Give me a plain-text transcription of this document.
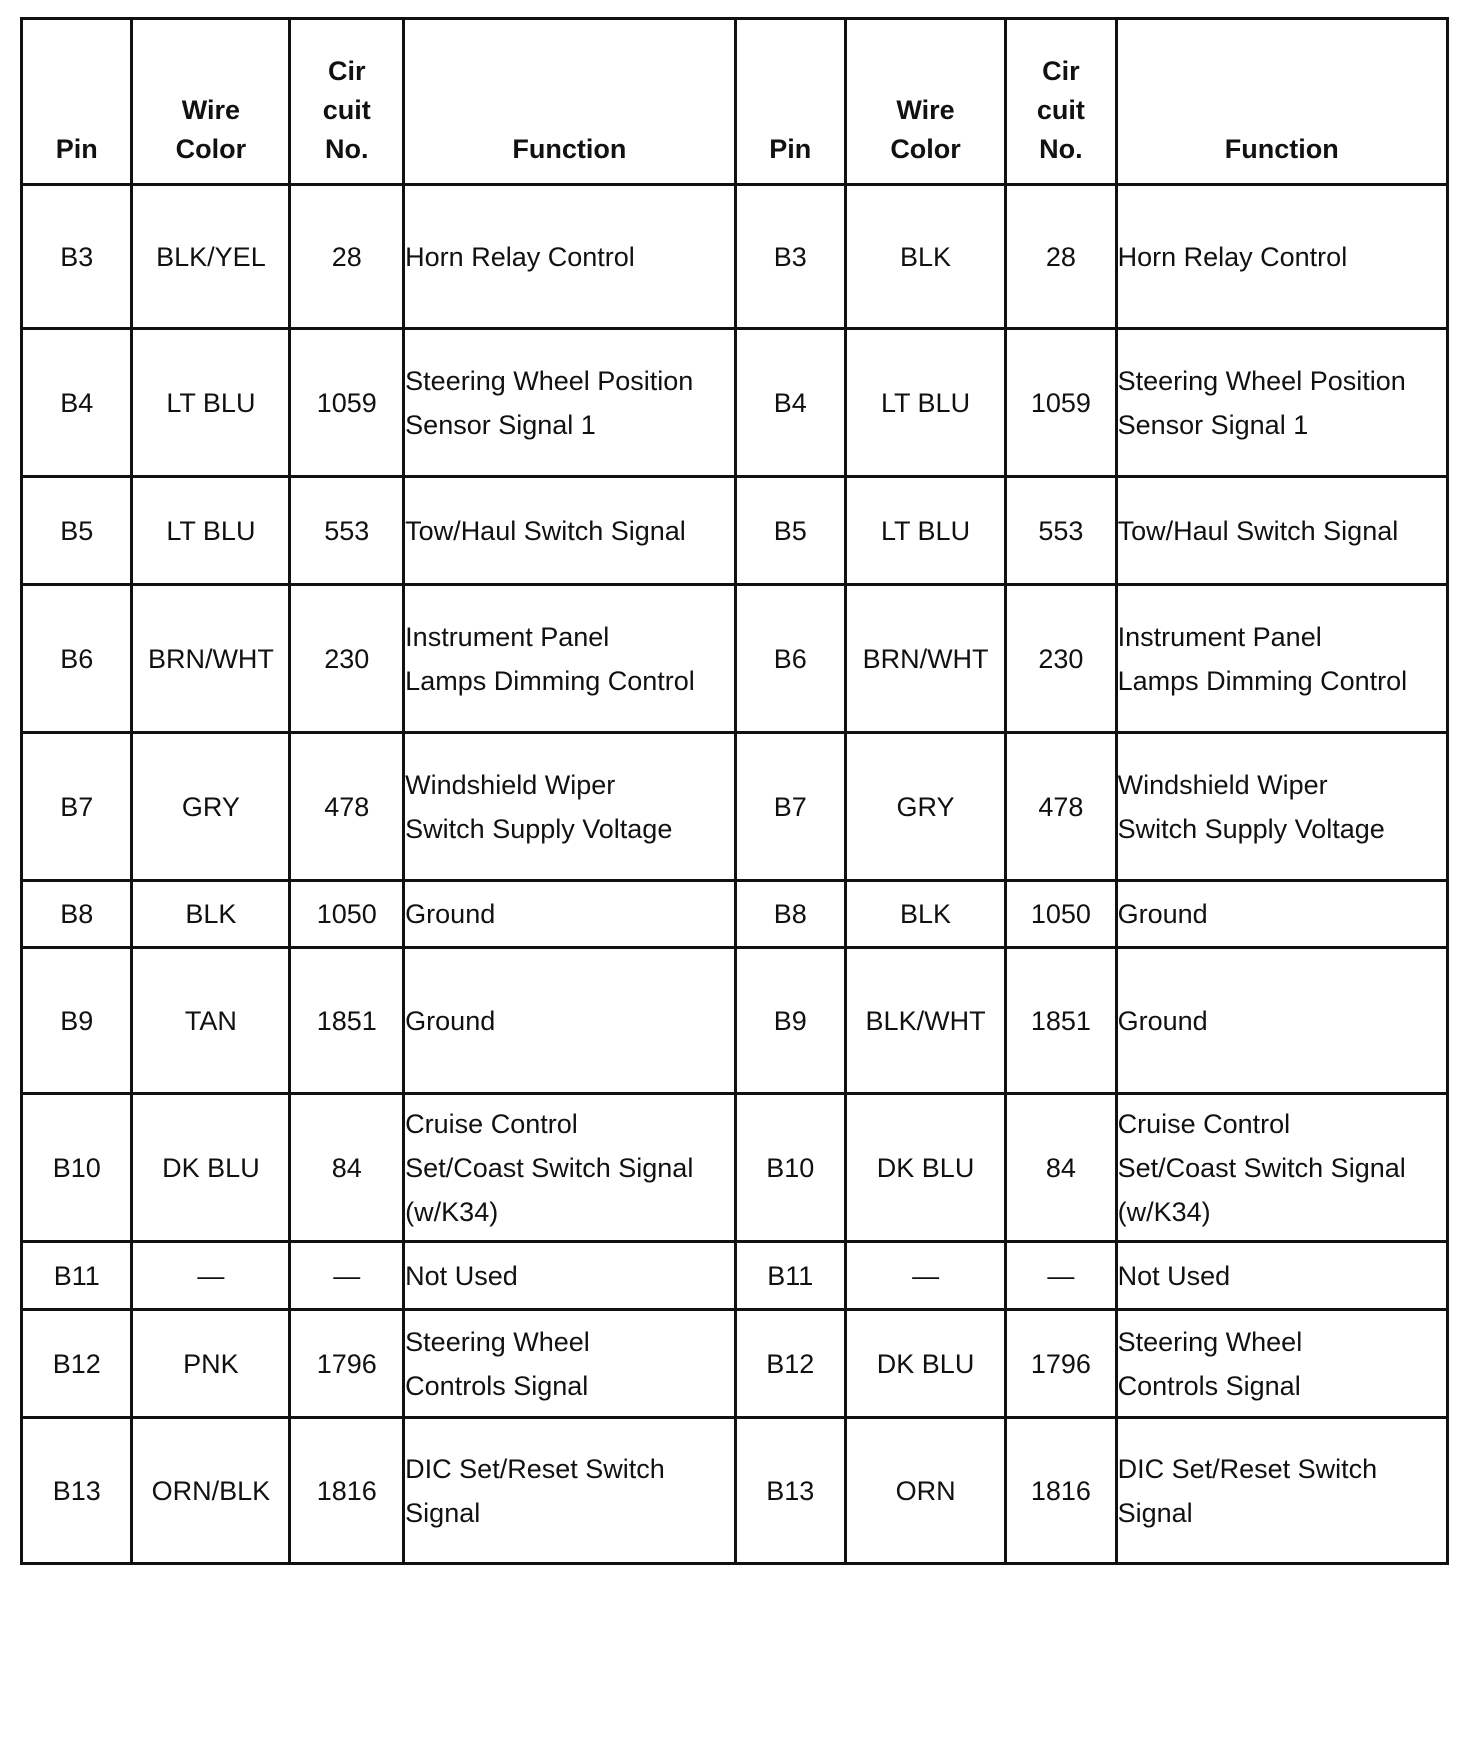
Pin	Wire Color	Cir cuit No.	Function	Pin	Wire Color	Cir cuit No.	Function
B3	BLK/YEL	28	Horn Relay Control	B3	BLK	28	Horn Relay Control
B4	LT BLU	1059	Steering Wheel Position Sensor Signal 1	B4	LT BLU	1059	Steering Wheel Position Sensor Signal 1
B5	LT BLU	553	Tow/Haul Switch Signal	B5	LT BLU	553	Tow/Haul Switch Signal
B6	BRN/WHT	230	Instrument Panel Lamps Dimming Control	B6	BRN/WHT	230	Instrument Panel Lamps Dimming Control
B7	GRY	478	Windshield Wiper Switch Supply Voltage	B7	GRY	478	Windshield Wiper Switch Supply Voltage
B8	BLK	1050	Ground	B8	BLK	1050	Ground
B9	TAN	1851	Ground	B9	BLK/WHT	1851	Ground
B10	DK BLU	84	Cruise Control Set/Coast Switch Signal (w/K34)	B10	DK BLU	84	Cruise Control Set/Coast Switch Signal (w/K34)
B11	—	—	Not Used	B11	—	—	Not Used
B12	PNK	1796	Steering Wheel Controls Signal	B12	DK BLU	1796	Steering Wheel Controls Signal
B13	ORN/BLK	1816	DIC Set/Reset Switch Signal	B13	ORN	1816	DIC Set/Reset Switch Signal
